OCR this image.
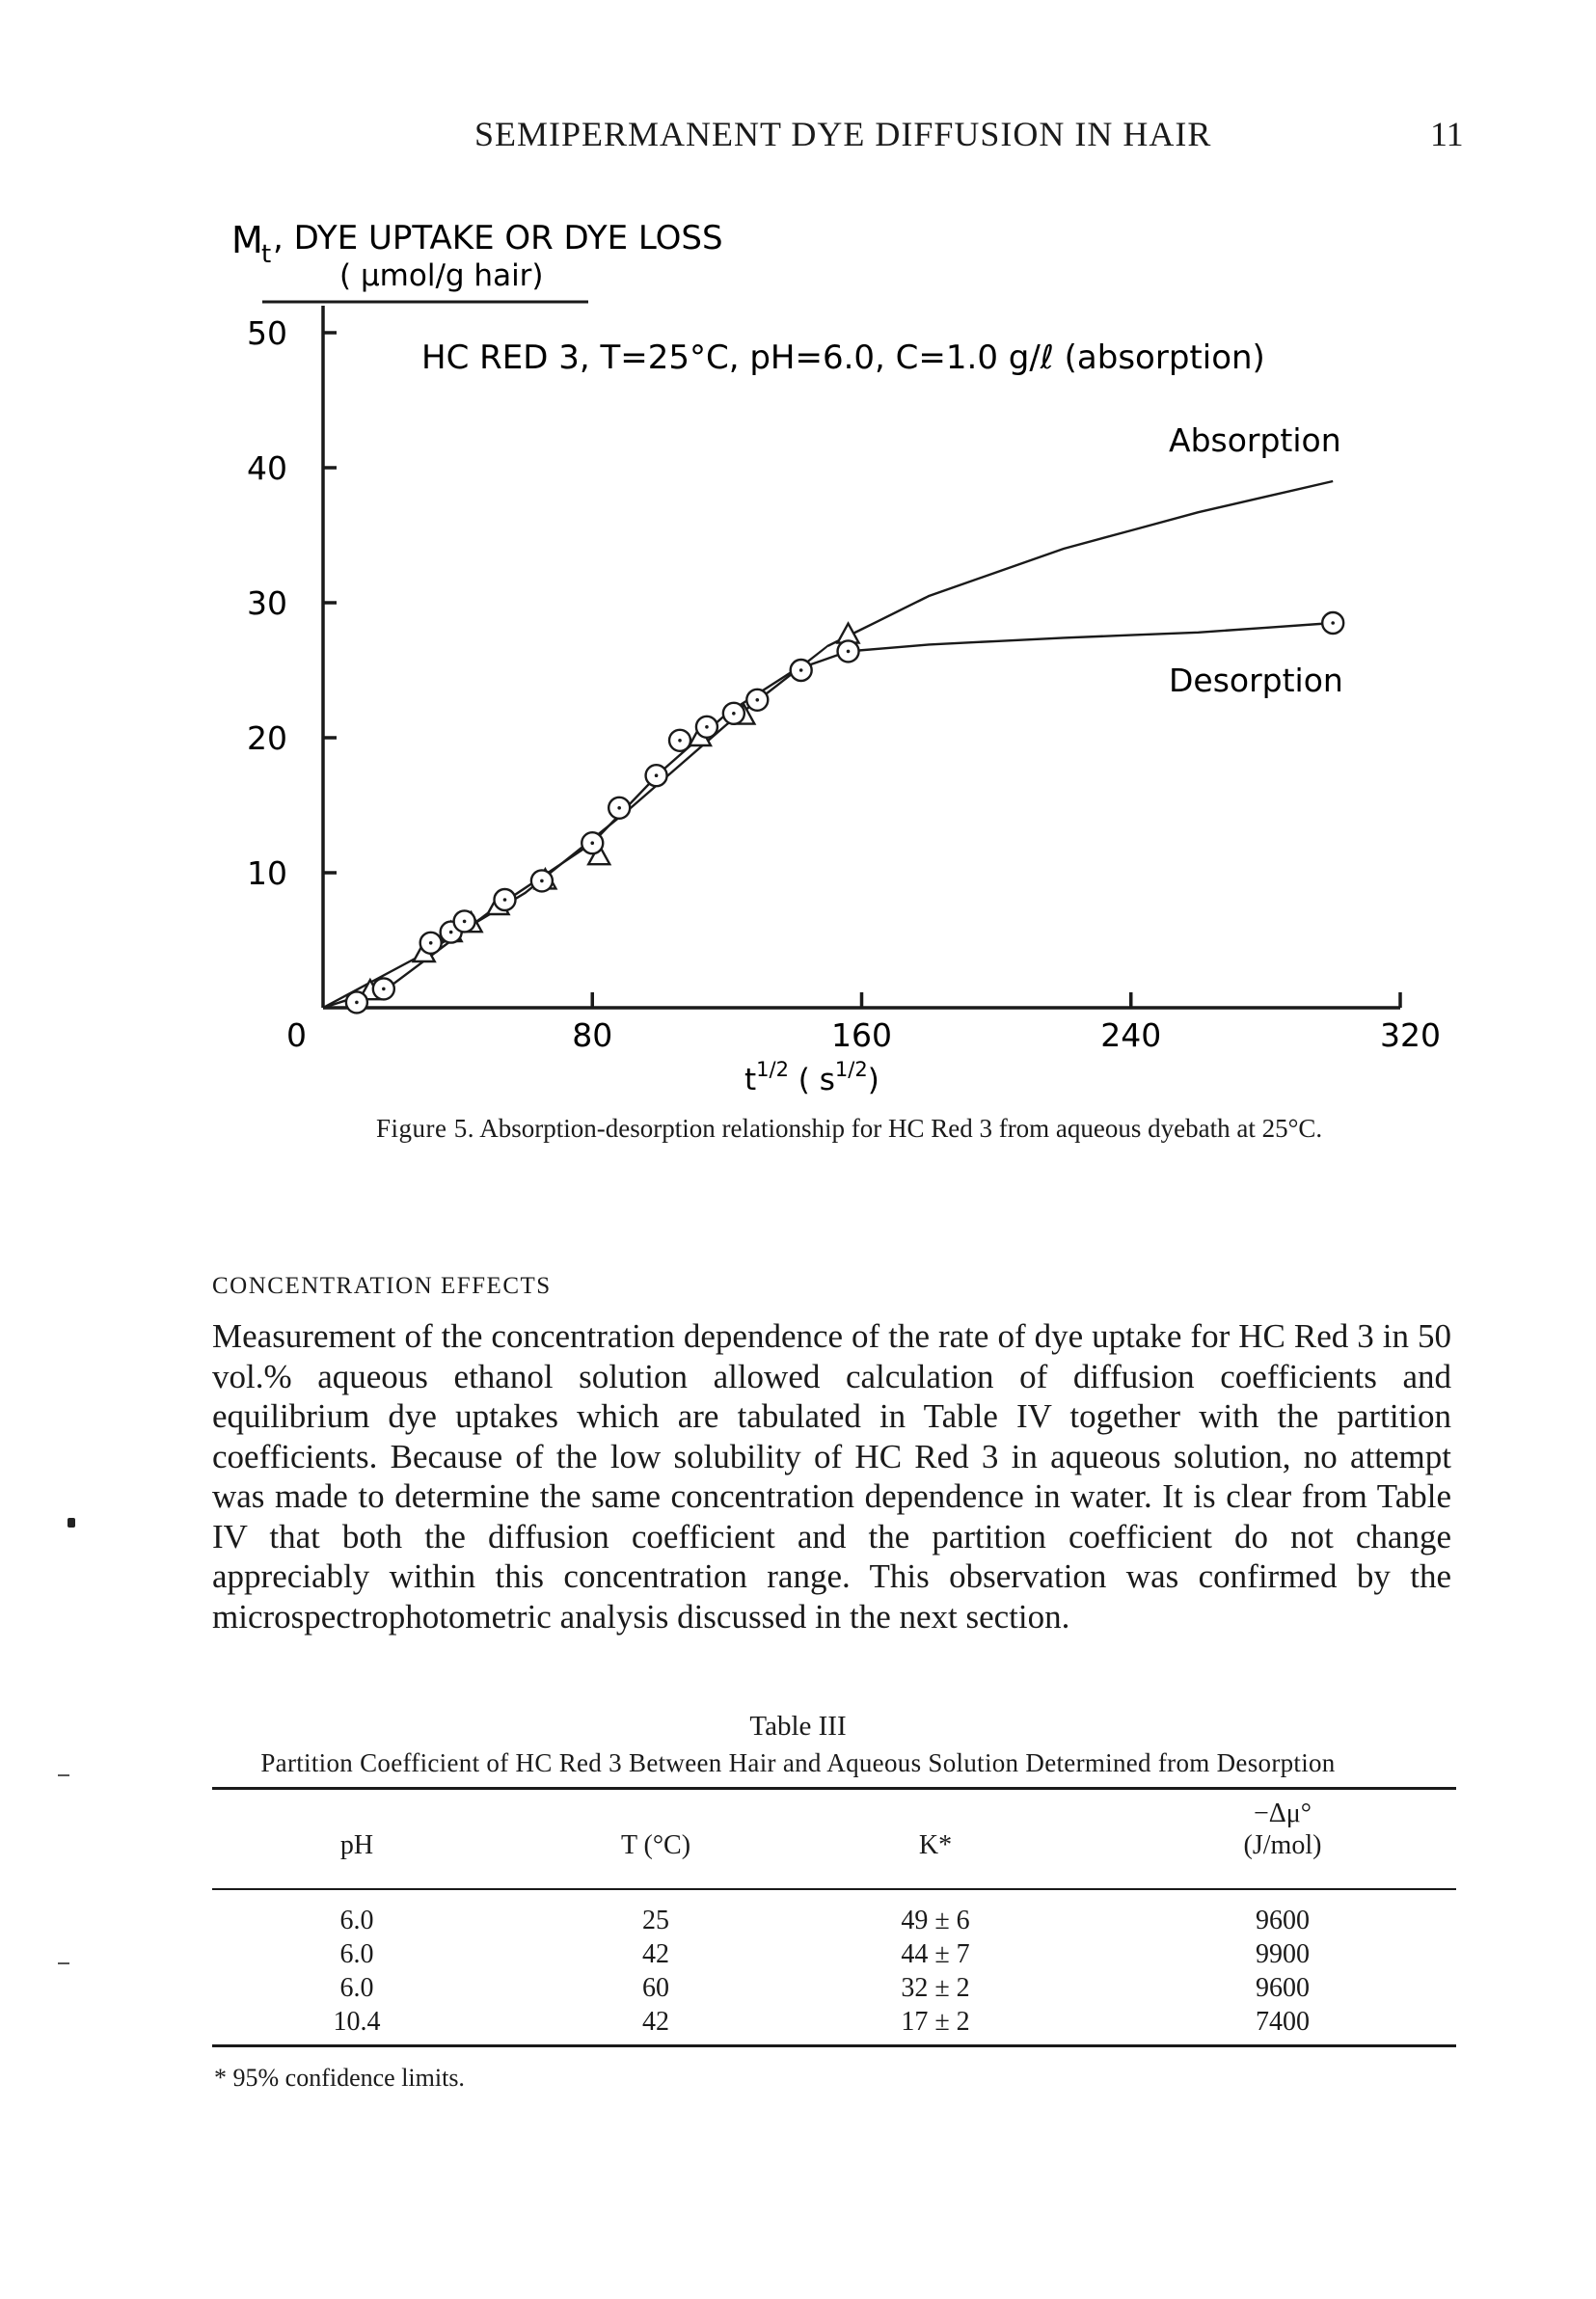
SEMIPERMANENT DYE DIFFUSION IN HAIR	11
M
t , DYE UPTAKE OR DYE LOSS
( μmol/g hair)
HC RED 3, T=25°C, pH=6.0, C=1.0 g/ℓ (absorption)
Absorption
Desorption
$t^{1/2}$ ( $s^{1/2}$)
10
20
30
40
50
0	80	160	240	320
Figure 5. Absorption-desorption relationship for HC Red 3 from aqueous dyebath at 25°C.
CONCENTRATION EFFECTS
Measurement of the concentration dependence of the rate of dye uptake for HC Red 3 in 50 vol.% aqueous ethanol solution allowed calculation of diffusion coefficients and equilibrium dye uptakes which are tabulated in Table IV together with the partition coefficients. Because of the low solubility of HC Red 3 in aqueous solution, no attempt was made to determine the same concentration dependence in water. It is clear from Table IV that both the diffusion coefficient and the partition coefficient do not change appreciably within this concentration range. This observation was confirmed by the microspectrophotometric analysis discussed in the next section.
Table III
Partition Coefficient of HC Red 3 Between Hair and Aqueous Solution Determined from Desorption
pH	T (°C)	K*
−Δμ°
(J/mol)
6.0	25	49 ± 6	9600
6.0	42	44 ± 7	9900
6.0	60	32 ± 2	9600
10.4	42	17 ± 2	7400
* 95% confidence limits.
